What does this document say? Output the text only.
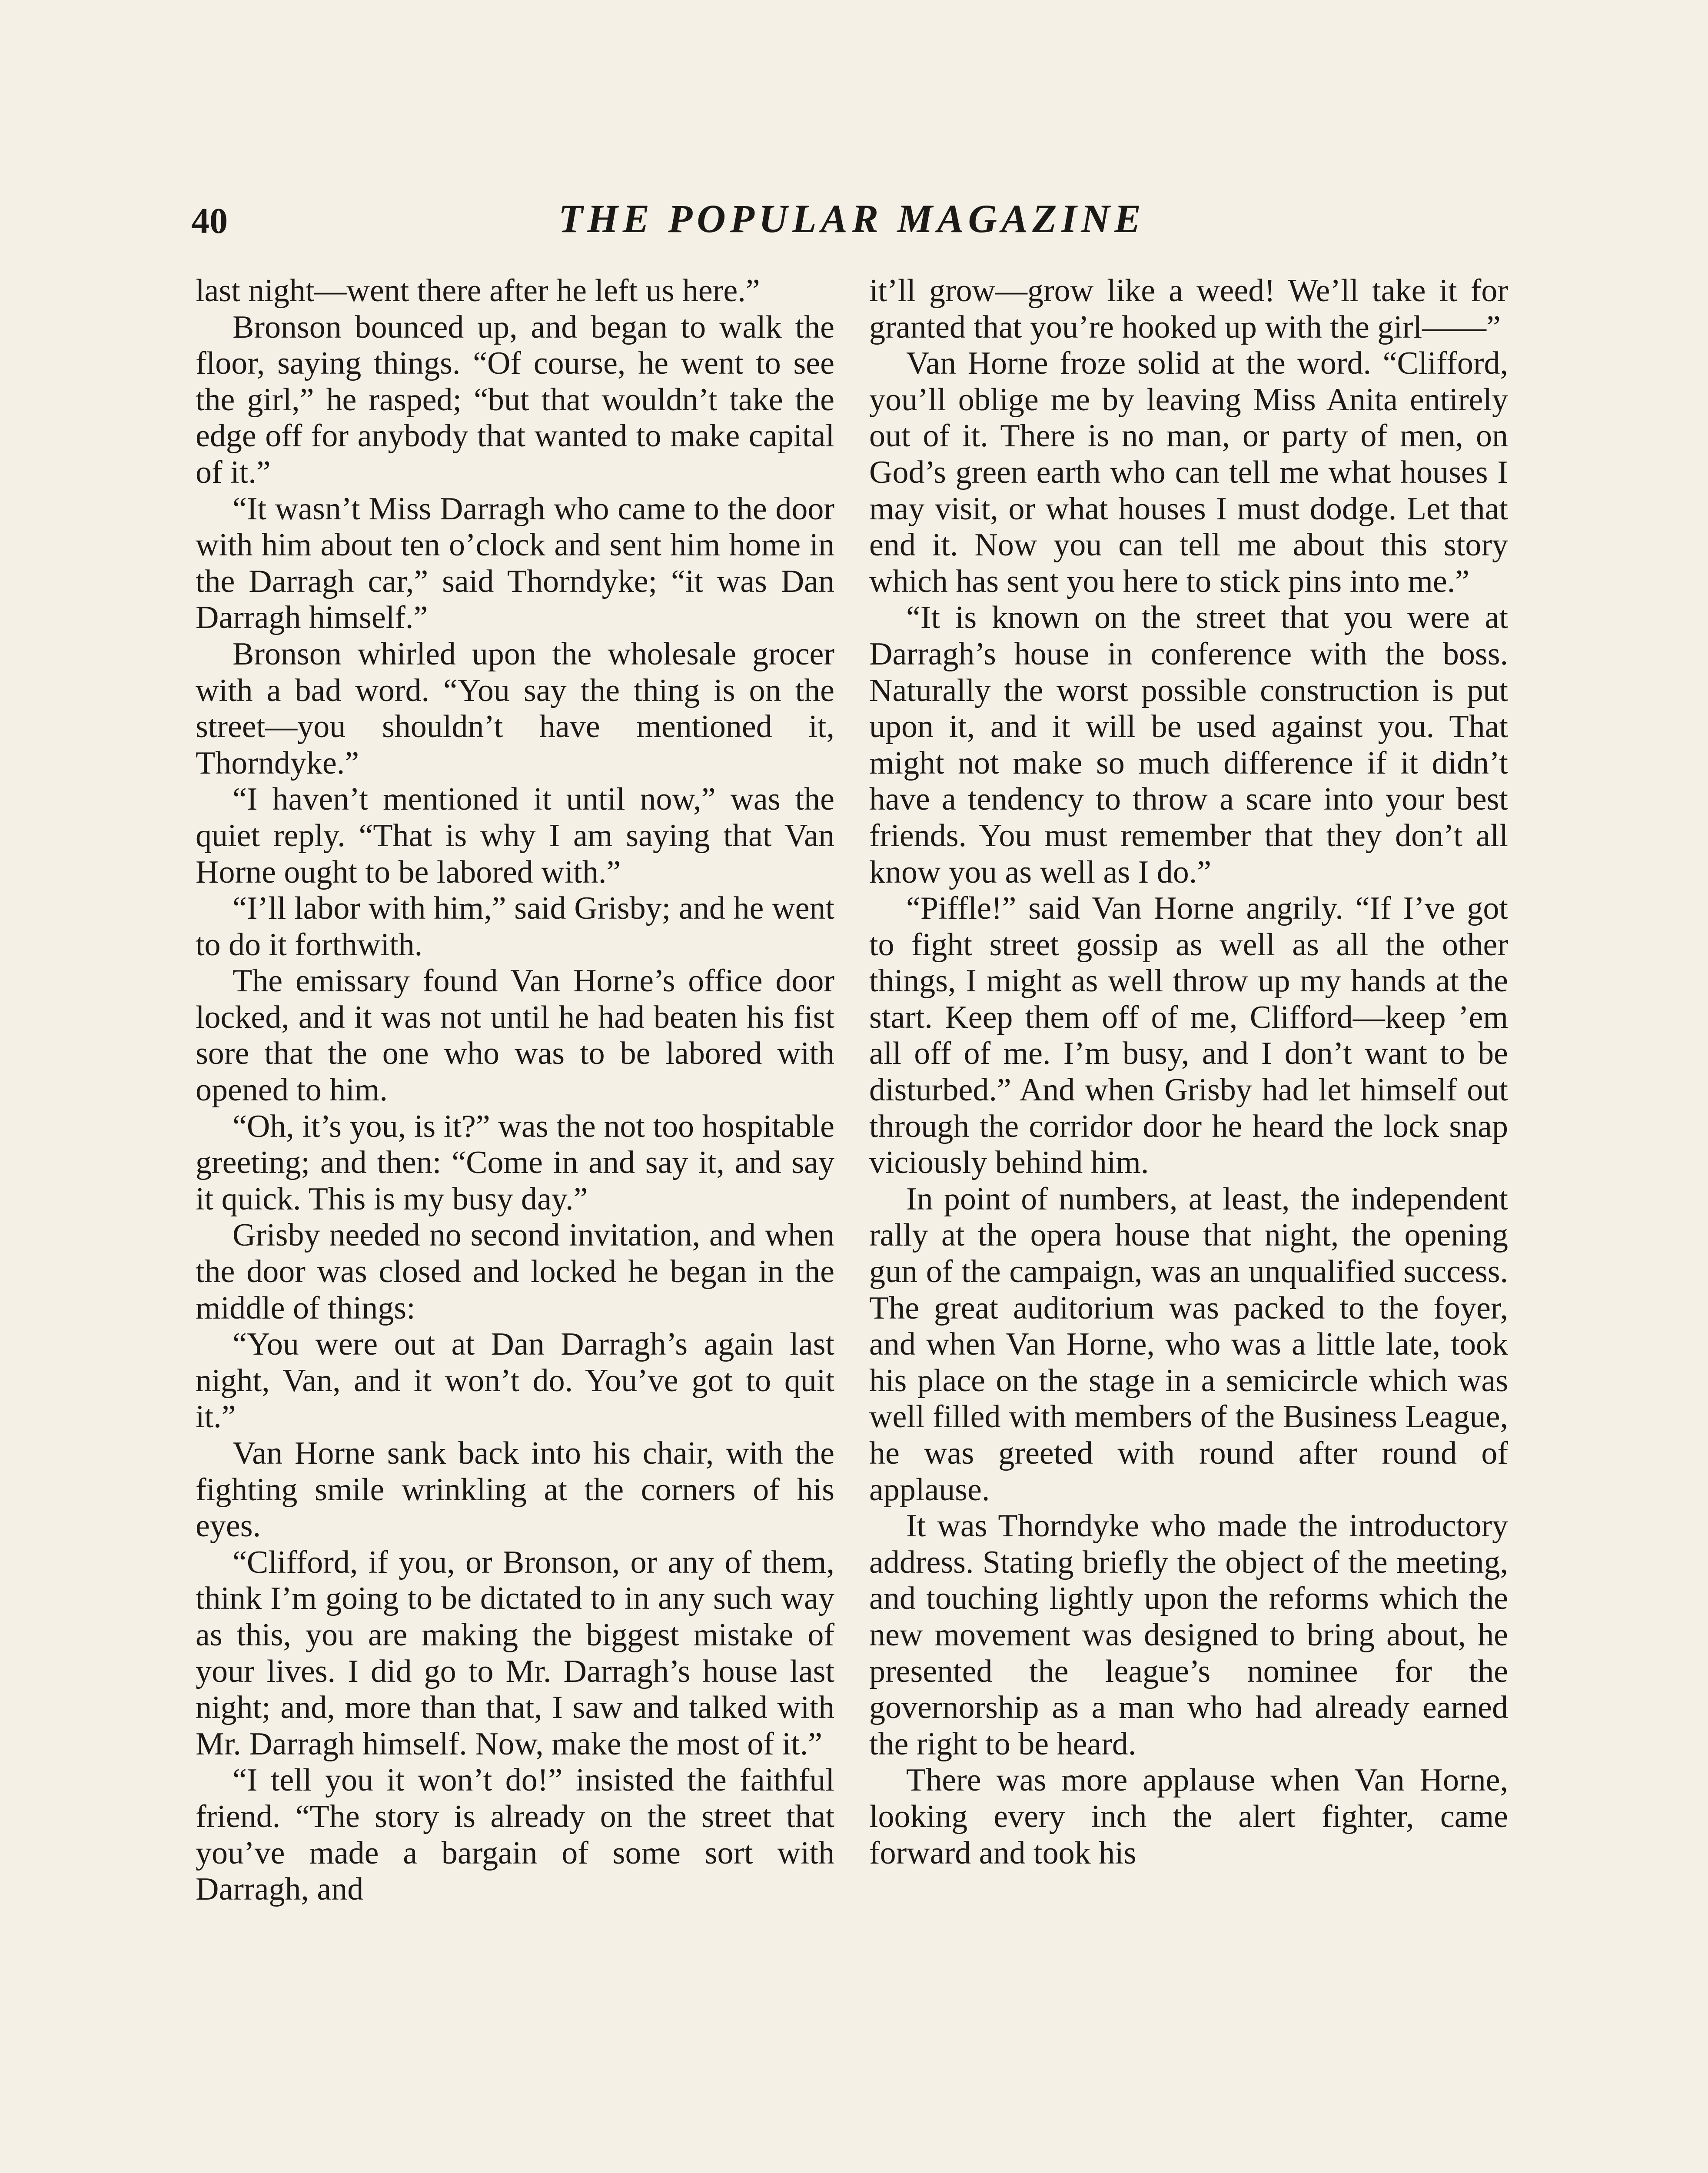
40	THE POPULAR MAGAZINE

last night—went there after he left us here.”

Bronson bounced up, and began to walk the floor, saying things. “Of course, he went to see the girl,” he rasped; “but that wouldn’t take the edge off for anybody that wanted to make capital of it.”

“It wasn’t Miss Darragh who came to the door with him about ten o’clock and sent him home in the Darragh car,” said Thorndyke; “it was Dan Darragh himself.”

Bronson whirled upon the wholesale grocer with a bad word. “You say the thing is on the street—you shouldn’t have mentioned it, Thorndyke.”

“I haven’t mentioned it until now,” was the quiet reply. “That is why I am saying that Van Horne ought to be labored with.”

“I’ll labor with him,” said Grisby; and he went to do it forthwith.

The emissary found Van Horne’s office door locked, and it was not until he had beaten his fist sore that the one who was to be labored with opened to him.

“Oh, it’s you, is it?” was the not too hospitable greeting; and then: “Come in and say it, and say it quick. This is my busy day.”

Grisby needed no second invitation, and when the door was closed and locked he began in the middle of things:

“You were out at Dan Darragh’s again last night, Van, and it won’t do. You’ve got to quit it.”

Van Horne sank back into his chair, with the fighting smile wrinkling at the corners of his eyes.

“Clifford, if you, or Bronson, or any of them, think I’m going to be dictated to in any such way as this, you are making the biggest mistake of your lives. I did go to Mr. Darragh’s house last night; and, more than that, I saw and talked with Mr. Darragh himself. Now, make the most of it.”

“I tell you it won’t do!” insisted the faithful friend. “The story is already on the street that you’ve made a bargain of some sort with Darragh, and

it’ll grow—grow like a weed! We’ll take it for granted that you’re hooked up with the girl——”

Van Horne froze solid at the word. “Clifford, you’ll oblige me by leaving Miss Anita entirely out of it. There is no man, or party of men, on God’s green earth who can tell me what houses I may visit, or what houses I must dodge. Let that end it. Now you can tell me about this story which has sent you here to stick pins into me.”

“It is known on the street that you were at Darragh’s house in conference with the boss. Naturally the worst possible construction is put upon it, and it will be used against you. That might not make so much difference if it didn’t have a tendency to throw a scare into your best friends. You must remember that they don’t all know you as well as I do.”

“Piffle!” said Van Horne angrily. “If I’ve got to fight street gossip as well as all the other things, I might as well throw up my hands at the start. Keep them off of me, Clifford—keep ’em all off of me. I’m busy, and I don’t want to be disturbed.” And when Grisby had let himself out through the corridor door he heard the lock snap viciously behind him.

In point of numbers, at least, the independent rally at the opera house that night, the opening gun of the campaign, was an unqualified success. The great auditorium was packed to the foyer, and when Van Horne, who was a little late, took his place on the stage in a semicircle which was well filled with members of the Business League, he was greeted with round after round of applause.

It was Thorndyke who made the introductory address. Stating briefly the object of the meeting, and touching lightly upon the reforms which the new movement was designed to bring about, he presented the league’s nominee for the governorship as a man who had already earned the right to be heard.

There was more applause when Van Horne, looking every inch the alert fighter, came forward and took his
